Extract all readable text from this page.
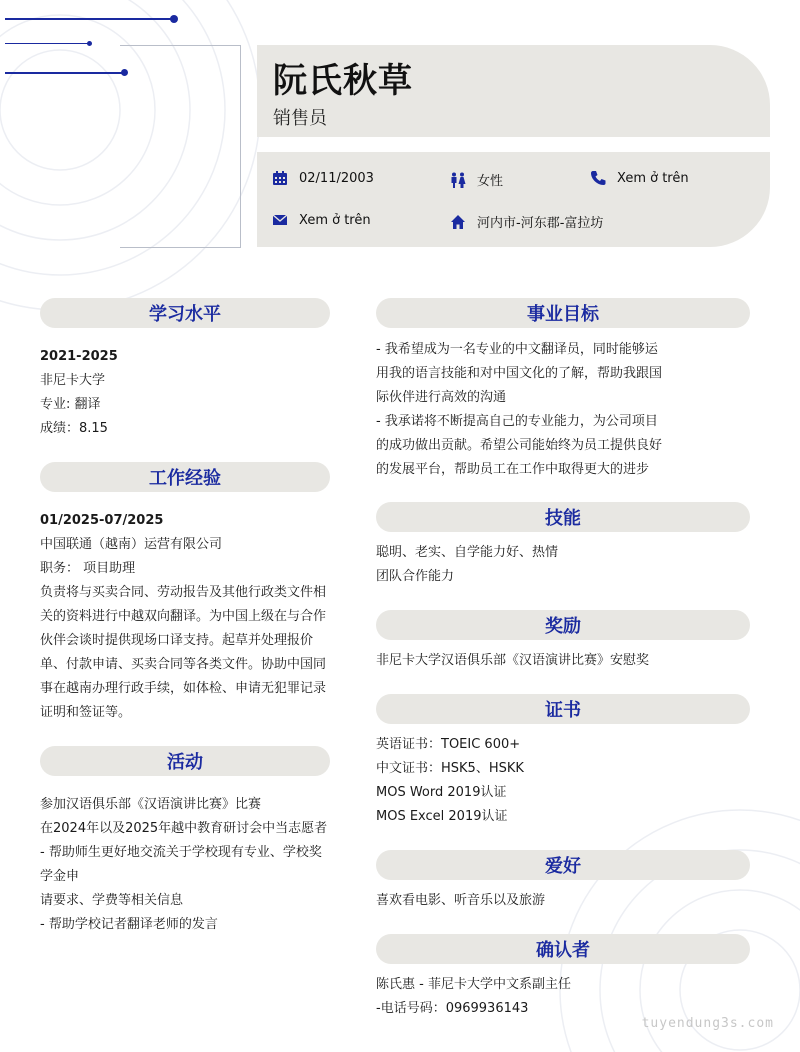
阮氏秋草
销售员
02/11/2003	女性	Xem ở trên
Xem ở trên	河内市-河东郡-富拉坊
学习水平
2021-2025
非尼卡大学
专业: 翻译
成绩：8.15
工作经验
01/2025-07/2025
中国联通（越南）运营有限公司
职务： 项目助理
负责将与买卖合同、劳动报告及其他行政类文件相
关的资料进行中越双向翻译。为中国上级在与合作
伙伴会谈时提供现场口译支持。起草并处理报价
单、付款申请、买卖合同等各类文件。协助中国同
事在越南办理行政手续，如体检、申请无犯罪记录
证明和签证等。
活动
参加汉语俱乐部《汉语演讲比赛》比赛
在2024年以及2025年越中教育研讨会中当志愿者
- 帮助师生更好地交流关于学校现有专业、学校奖
学金申
请要求、学费等相关信息
- 帮助学校记者翻译老师的发言
事业目标
- 我希望成为一名专业的中文翻译员，同时能够运
用我的语言技能和对中国文化的了解，帮助我跟国
际伙伴进行高效的沟通
- 我承诺将不断提高自己的专业能力，为公司项目
的成功做出贡献。希望公司能始终为员工提供良好
的发展平台，帮助员工在工作中取得更大的进步
技能
聪明、老实、自学能力好、热情
团队合作能力
奖励
非尼卡大学汉语俱乐部《汉语演讲比赛》安慰奖
证书
英语证书：TOEIC 600+
中文证书：HSK5、HSKK
MOS Word 2019认证
MOS Excel 2019认证
爱好
喜欢看电影、听音乐以及旅游
确认者
陈氏惠 - 菲尼卡大学中文系副主任
-电话号码：0969936143
tuyendung3s.com
